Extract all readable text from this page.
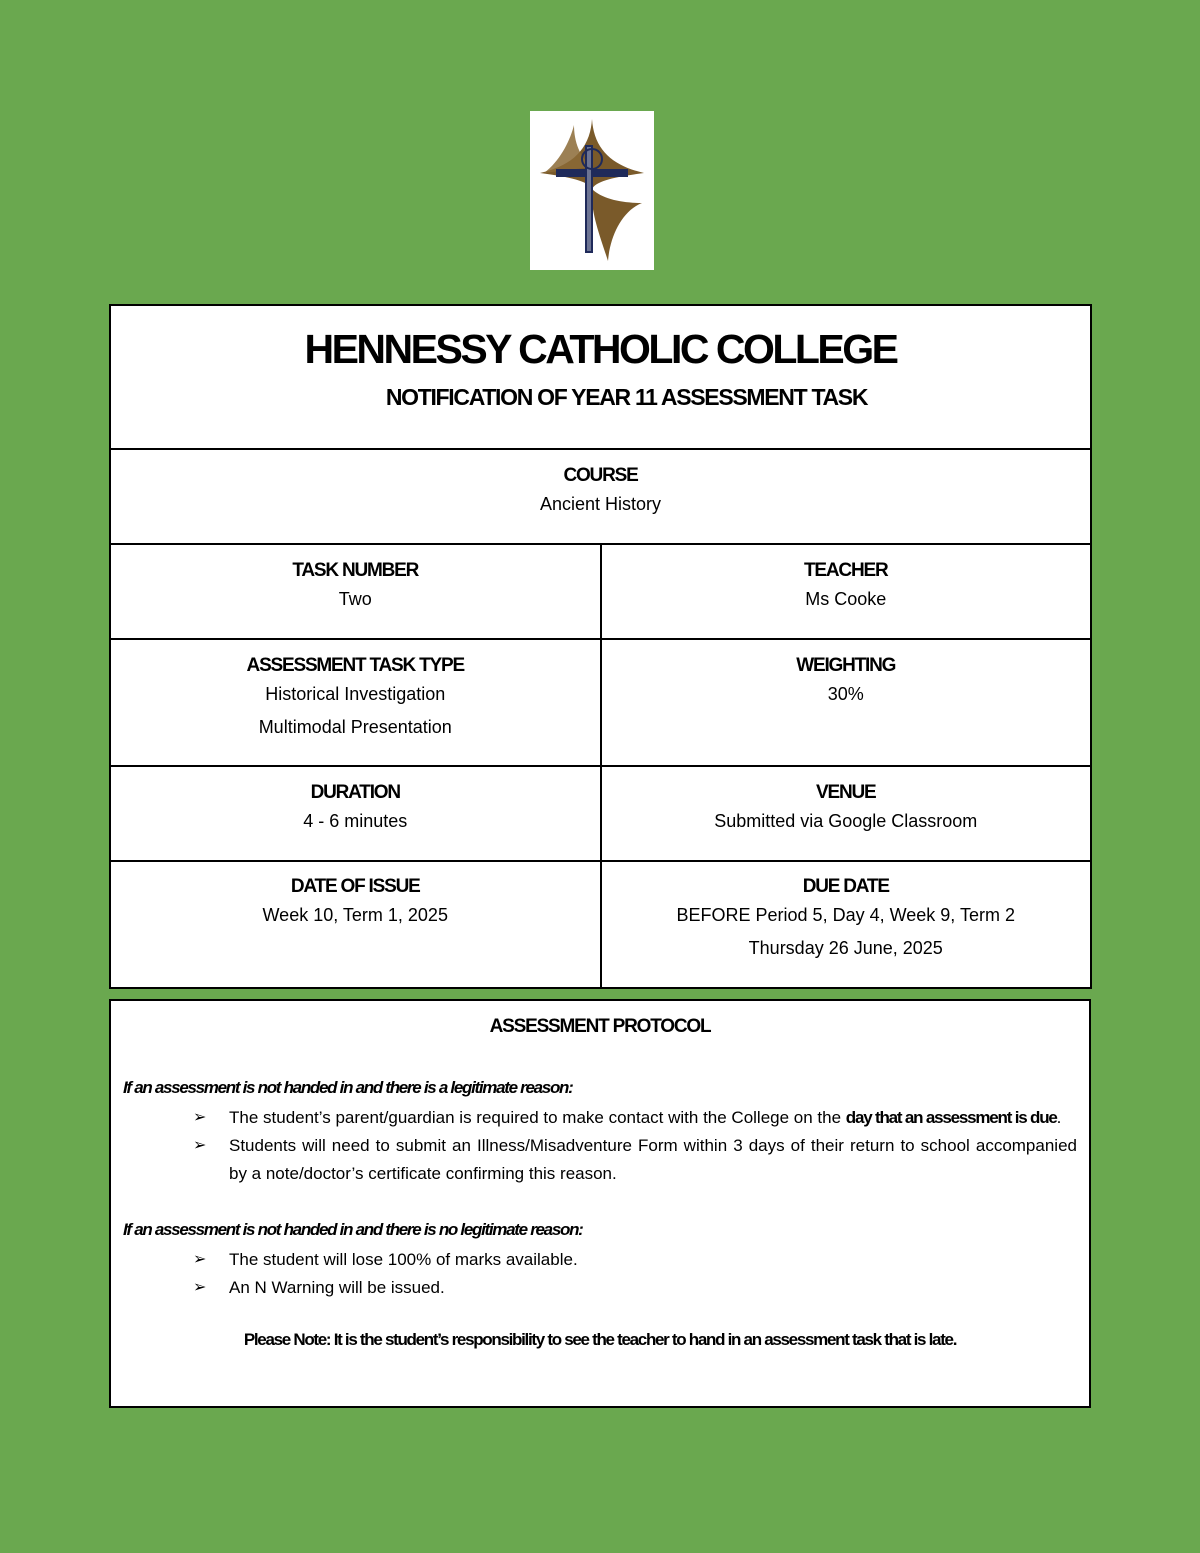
HENNESSY CATHOLIC COLLEGE
NOTIFICATION OF YEAR 11 ASSESSMENT TASK
COURSE
Ancient History
TASK NUMBER
Two
TEACHER
Ms Cooke
ASSESSMENT TASK TYPE
Historical Investigation
Multimodal Presentation
WEIGHTING
30%
DURATION
4 - 6 minutes
VENUE
Submitted via Google Classroom
DATE OF ISSUE
Week 10, Term 1, 2025
DUE DATE
BEFORE Period 5, Day 4, Week 9, Term 2
Thursday 26 June, 2025
ASSESSMENT PROTOCOL
If an assessment is not handed in and there is a legitimate reason:
➢ The student’s parent/guardian is required to make contact with the College on the day that an assessment is due.
➢ Students will need to submit an Illness/Misadventure Form within 3 days of their return to school accompanied by a note/doctor’s certificate confirming this reason.
If an assessment is not handed in and there is no legitimate reason:
➢ The student will lose 100% of marks available.
➢ An N Warning will be issued.
Please Note: It is the student’s responsibility to see the teacher to hand in an assessment task that is late.
